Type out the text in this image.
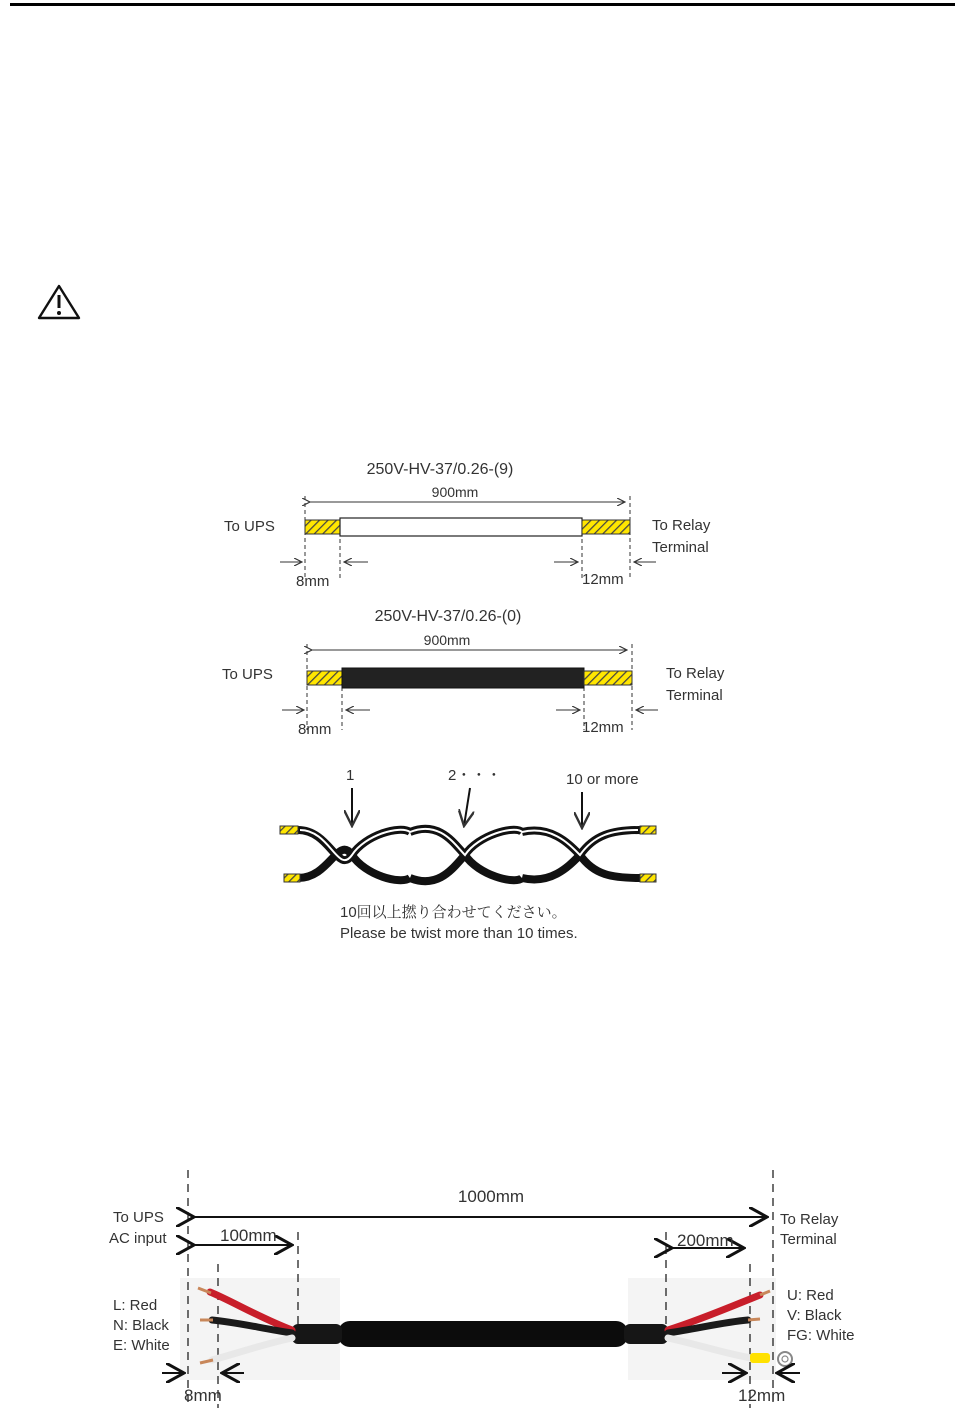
250V-HV-37/0.26-(9)
900mm
To UPS	To Relay
Terminal
8mm	12mm
250V-HV-37/0.26-(0)
900mm
To UPS	To Relay
Terminal
8mm	12mm
1	2・・・	10 or more
10回以上撚り合わせてください。
Please be twist more than 10 times.
1000mm
100mm	200mm
To UPS
AC input
To Relay
Terminal
L: Red
N: Black
E: White
U: Red
V: Black
FG: White
8mm	12mm
